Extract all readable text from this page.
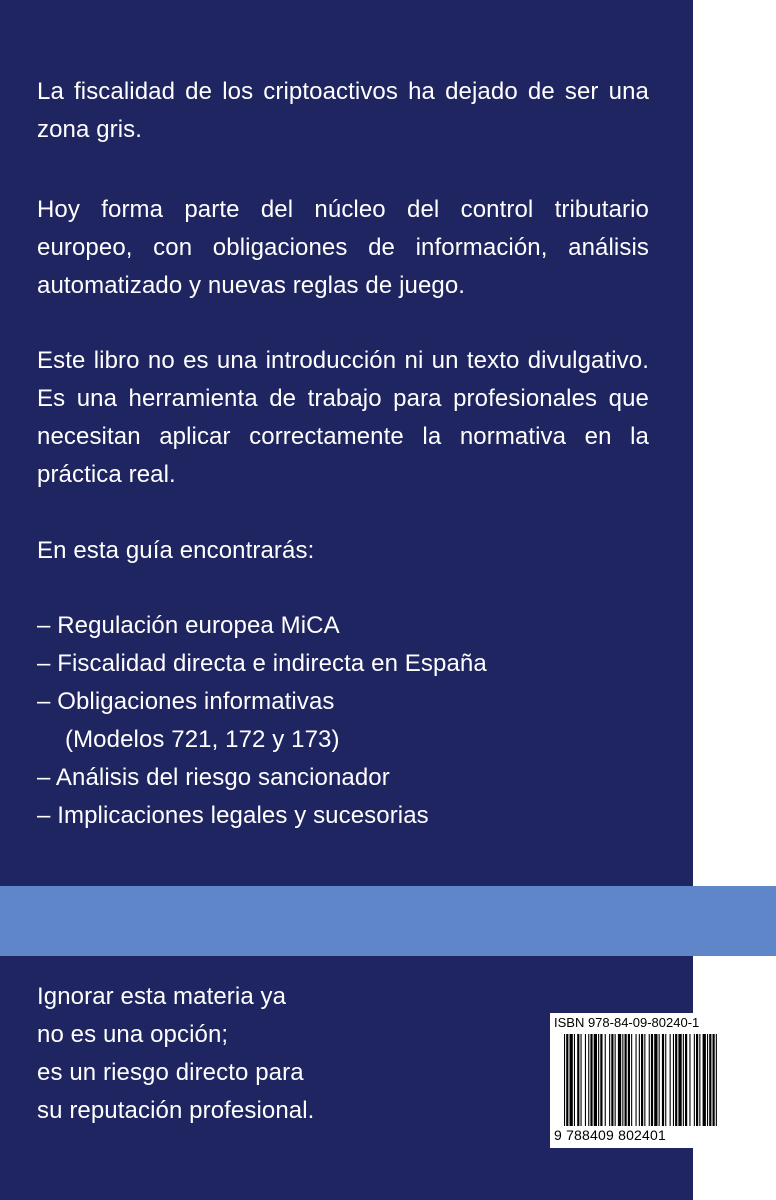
La fiscalidad de los criptoactivos ha dejado de ser una zona gris.
Hoy forma parte del núcleo del control tributario europeo, con obligaciones de información, análisis automatizado y nuevas reglas de juego.
Este libro no es una introducción ni un texto divulgativo. Es una herramienta de trabajo para profesionales que necesitan aplicar correctamente la normativa en la práctica real.
En esta guía encontrarás:
– Regulación europea MiCA
– Fiscalidad directa e indirecta en España
– Obligaciones informativas
(Modelos 721, 172 y 173)
– Análisis del riesgo sancionador
– Implicaciones legales y sucesorias
Ignorar esta materia ya
no es una opción;
es un riesgo directo para
su reputación profesional.
ISBN 978-84-09-80240-1
9 788409 802401
